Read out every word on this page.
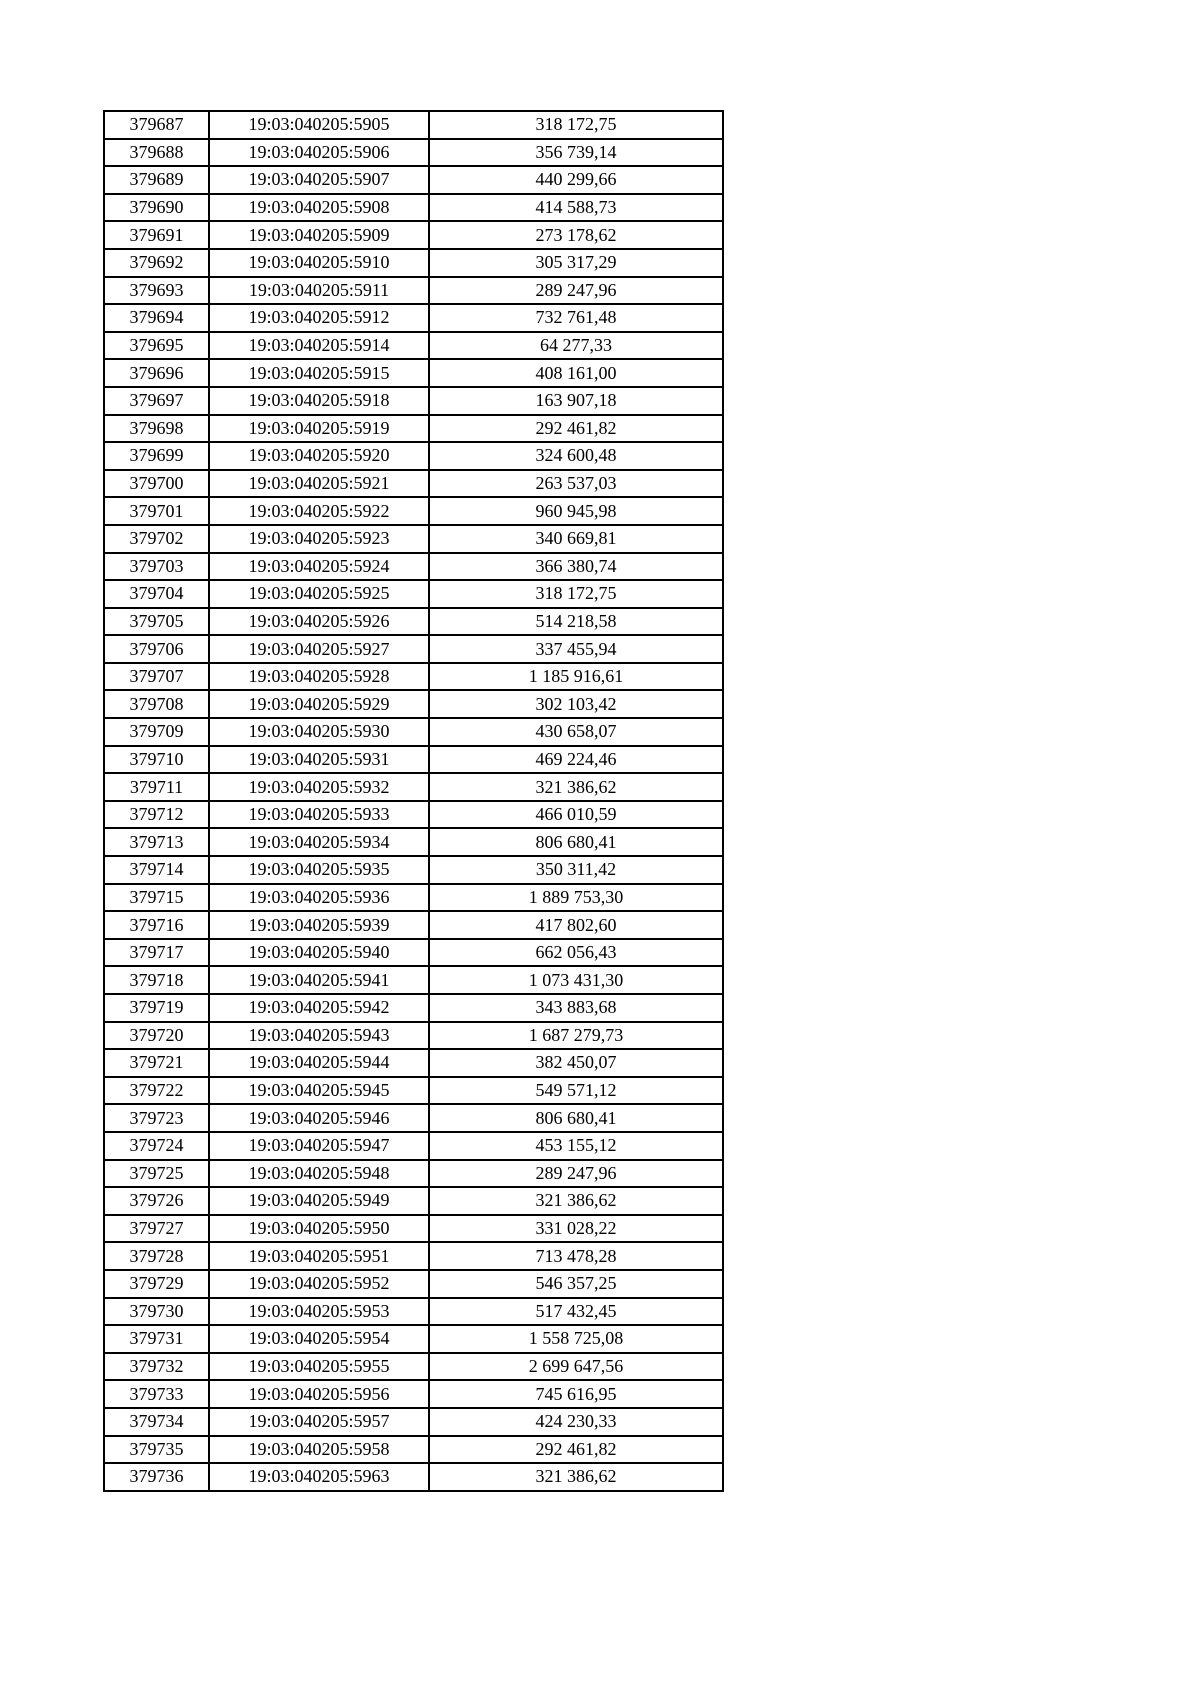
379687	19:03:040205:5905	318 172,75
379688	19:03:040205:5906	356 739,14
379689	19:03:040205:5907	440 299,66
379690	19:03:040205:5908	414 588,73
379691	19:03:040205:5909	273 178,62
379692	19:03:040205:5910	305 317,29
379693	19:03:040205:5911	289 247,96
379694	19:03:040205:5912	732 761,48
379695	19:03:040205:5914	64 277,33
379696	19:03:040205:5915	408 161,00
379697	19:03:040205:5918	163 907,18
379698	19:03:040205:5919	292 461,82
379699	19:03:040205:5920	324 600,48
379700	19:03:040205:5921	263 537,03
379701	19:03:040205:5922	960 945,98
379702	19:03:040205:5923	340 669,81
379703	19:03:040205:5924	366 380,74
379704	19:03:040205:5925	318 172,75
379705	19:03:040205:5926	514 218,58
379706	19:03:040205:5927	337 455,94
379707	19:03:040205:5928	1 185 916,61
379708	19:03:040205:5929	302 103,42
379709	19:03:040205:5930	430 658,07
379710	19:03:040205:5931	469 224,46
379711	19:03:040205:5932	321 386,62
379712	19:03:040205:5933	466 010,59
379713	19:03:040205:5934	806 680,41
379714	19:03:040205:5935	350 311,42
379715	19:03:040205:5936	1 889 753,30
379716	19:03:040205:5939	417 802,60
379717	19:03:040205:5940	662 056,43
379718	19:03:040205:5941	1 073 431,30
379719	19:03:040205:5942	343 883,68
379720	19:03:040205:5943	1 687 279,73
379721	19:03:040205:5944	382 450,07
379722	19:03:040205:5945	549 571,12
379723	19:03:040205:5946	806 680,41
379724	19:03:040205:5947	453 155,12
379725	19:03:040205:5948	289 247,96
379726	19:03:040205:5949	321 386,62
379727	19:03:040205:5950	331 028,22
379728	19:03:040205:5951	713 478,28
379729	19:03:040205:5952	546 357,25
379730	19:03:040205:5953	517 432,45
379731	19:03:040205:5954	1 558 725,08
379732	19:03:040205:5955	2 699 647,56
379733	19:03:040205:5956	745 616,95
379734	19:03:040205:5957	424 230,33
379735	19:03:040205:5958	292 461,82
379736	19:03:040205:5963	321 386,62
